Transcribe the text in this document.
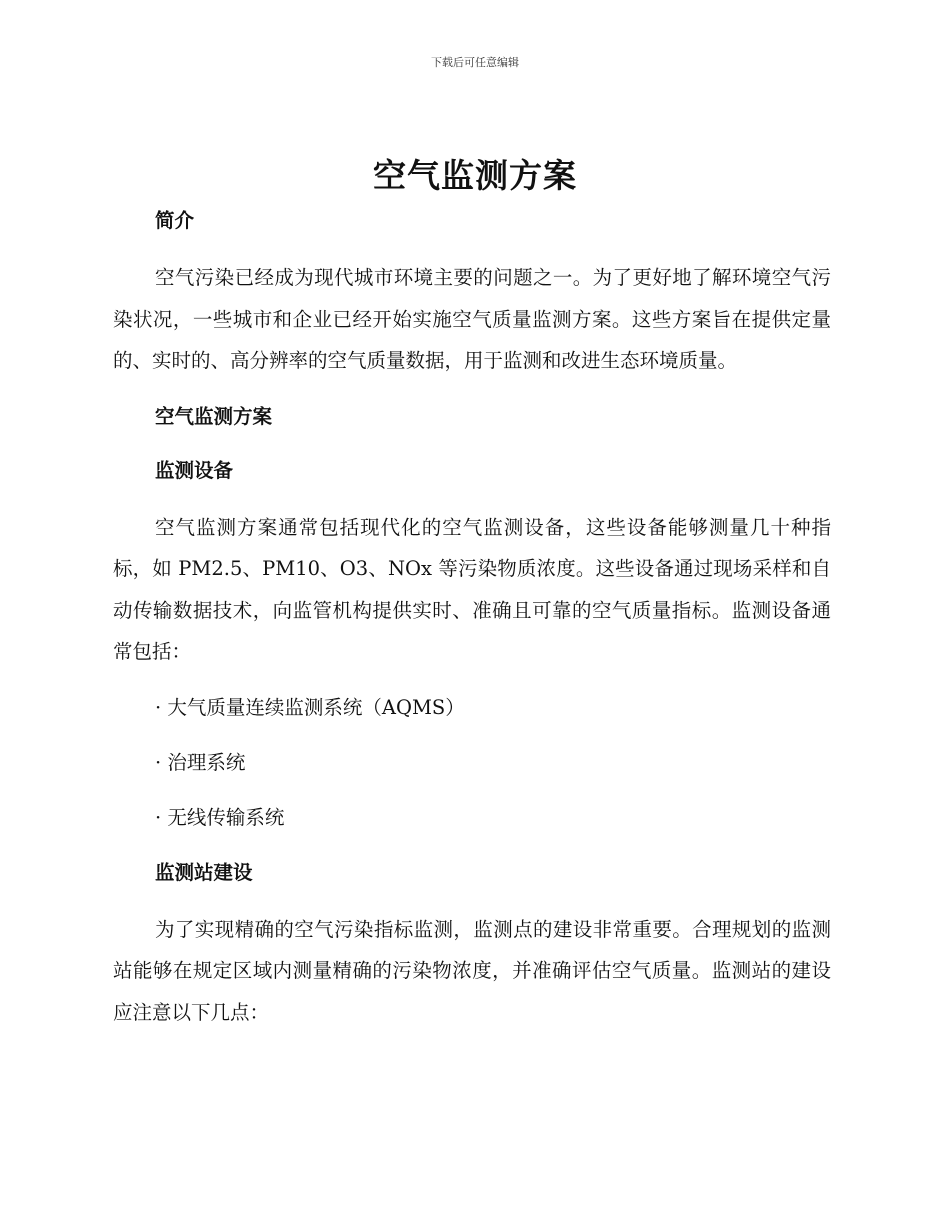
下载后可任意编辑
空气监测方案
简介

空气污染已经成为现代城市环境主要的问题之一。为了更好地了解环境空气污染状况，一些城市和企业已经开始实施空气质量监测方案。这些方案旨在提供定量的、实时的、高分辨率的空气质量数据，用于监测和改进生态环境质量。

空气监测方案
监测设备

空气监测方案通常包括现代化的空气监测设备，这些设备能够测量几十种指标，如 PM2.5、PM10、O3、NOx 等污染物质浓度。这些设备通过现场采样和自动传输数据技术，向监管机构提供实时、准确且可靠的空气质量指标。监测设备通常包括：

· 大气质量连续监测系统（AQMS）
· 治理系统
· 无线传输系统
监测站建设

为了实现精确的空气污染指标监测，监测点的建设非常重要。合理规划的监测站能够在规定区域内测量精确的污染物浓度，并准确评估空气质量。监测站的建设应注意以下几点：
